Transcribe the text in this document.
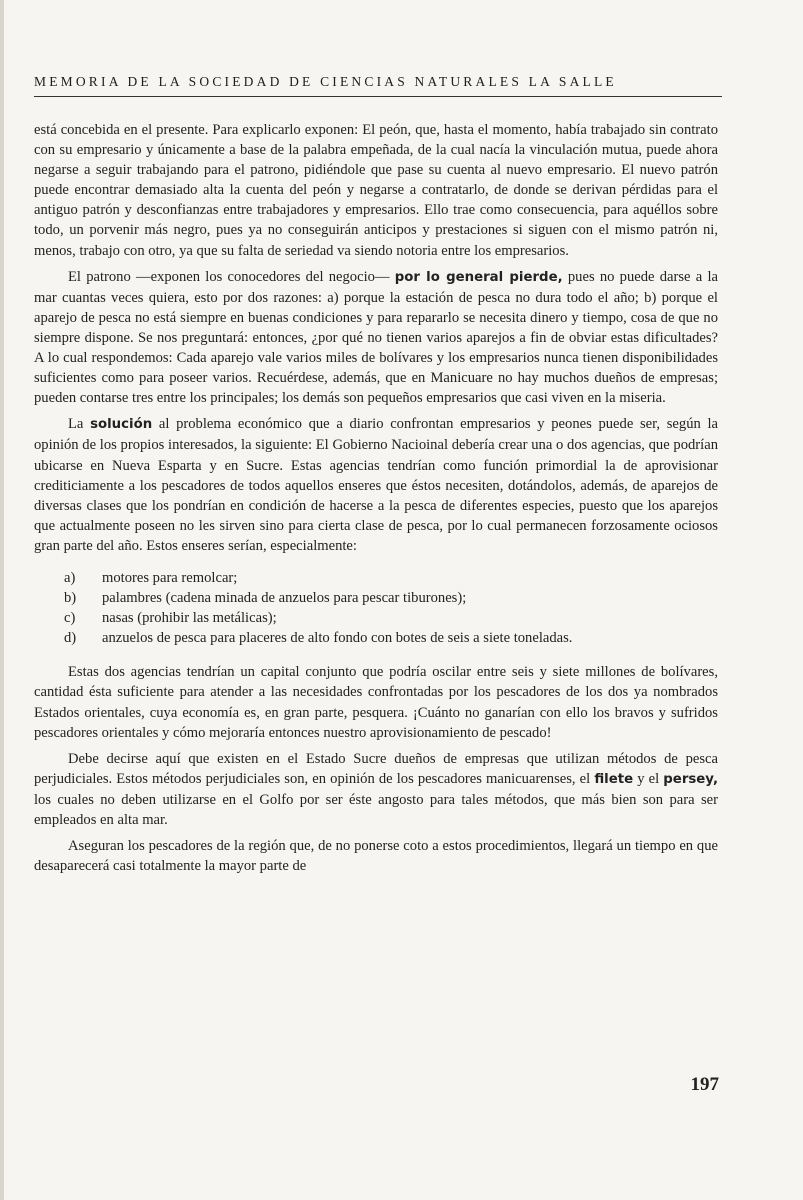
MEMORIA DE LA SOCIEDAD DE CIENCIAS NATURALES LA SALLE

está concebida en el presente. Para explicarlo exponen: El peón, que, hasta el momento, había trabajado sin contrato con su empresario y únicamente a base de la palabra empeñada, de la cual nacía la vinculación mutua, puede ahora negarse a seguir trabajando para el patrono, pidiéndole que pase su cuenta al nuevo empresario. El nuevo patrón puede encontrar demasiado alta la cuenta del peón y negarse a contratarlo, de donde se derivan pérdidas para el antiguo patrón y desconfianzas entre trabajadores y empresarios. Ello trae como consecuencia, para aquéllos sobre todo, un porvenir más negro, pues ya no conseguirán anticipos y prestaciones si siguen con el mismo patrón ni, menos, trabajo con otro, ya que su falta de seriedad va siendo notoria entre los empresarios.

El patrono —exponen los conocedores del negocio— por lo general pierde, pues no puede darse a la mar cuantas veces quiera, esto por dos razones: a) porque la estación de pesca no dura todo el año; b) porque el aparejo de pesca no está siempre en buenas condiciones y para repararlo se necesita dinero y tiempo, cosa de que no siempre dispone. Se nos preguntará: entonces, ¿por qué no tienen varios aparejos a fin de obviar estas dificultades? A lo cual respondemos: Cada aparejo vale varios miles de bolívares y los empresarios nunca tienen disponibilidades suficientes como para poseer varios. Recuérdese, además, que en Manicuare no hay muchos dueños de empresas; pueden contarse tres entre los principales; los demás son pequeños empresarios que casi viven en la miseria.

La solución al problema económico que a diario confrontan empresarios y peones puede ser, según la opinión de los propios interesados, la siguiente: El Gobierno Nacioinal debería crear una o dos agencias, que podrían ubicarse en Nueva Esparta y en Sucre. Estas agencias tendrían como función primordial la de aprovisionar crediticiamente a los pescadores de todos aquellos enseres que éstos necesiten, dotándolos, además, de aparejos de diversas clases que los pondrían en condición de hacerse a la pesca de diferentes especies, puesto que los aparejos que actualmente poseen no les sirven sino para cierta clase de pesca, por lo cual permanecen forzosamente ociosos gran parte del año. Estos enseres serían, especialmente:

a) motores para remolcar;
b) palambres (cadena minada de anzuelos para pescar tiburones);
c) nasas (prohibir las metálicas);
d) anzuelos de pesca para placeres de alto fondo con botes de seis a siete toneladas.

Estas dos agencias tendrían un capital conjunto que podría oscilar entre seis y siete millones de bolívares, cantidad ésta suficiente para atender a las necesidades confrontadas por los pescadores de los dos ya nombrados Estados orientales, cuya economía es, en gran parte, pesquera. ¡Cuánto no ganarían con ello los bravos y sufridos pescadores orientales y cómo mejoraría entonces nuestro aprovisionamiento de pescado!

Debe decirse aquí que existen en el Estado Sucre dueños de empresas que utilizan métodos de pesca perjudiciales. Estos métodos perjudiciales son, en opinión de los pescadores manicuarenses, el filete y el persey, los cuales no deben utilizarse en el Golfo por ser éste angosto para tales métodos, que más bien son para ser empleados en alta mar.

Aseguran los pescadores de la región que, de no ponerse coto a estos procedimientos, llegará un tiempo en que desaparecerá casi totalmente la mayor parte de

197
